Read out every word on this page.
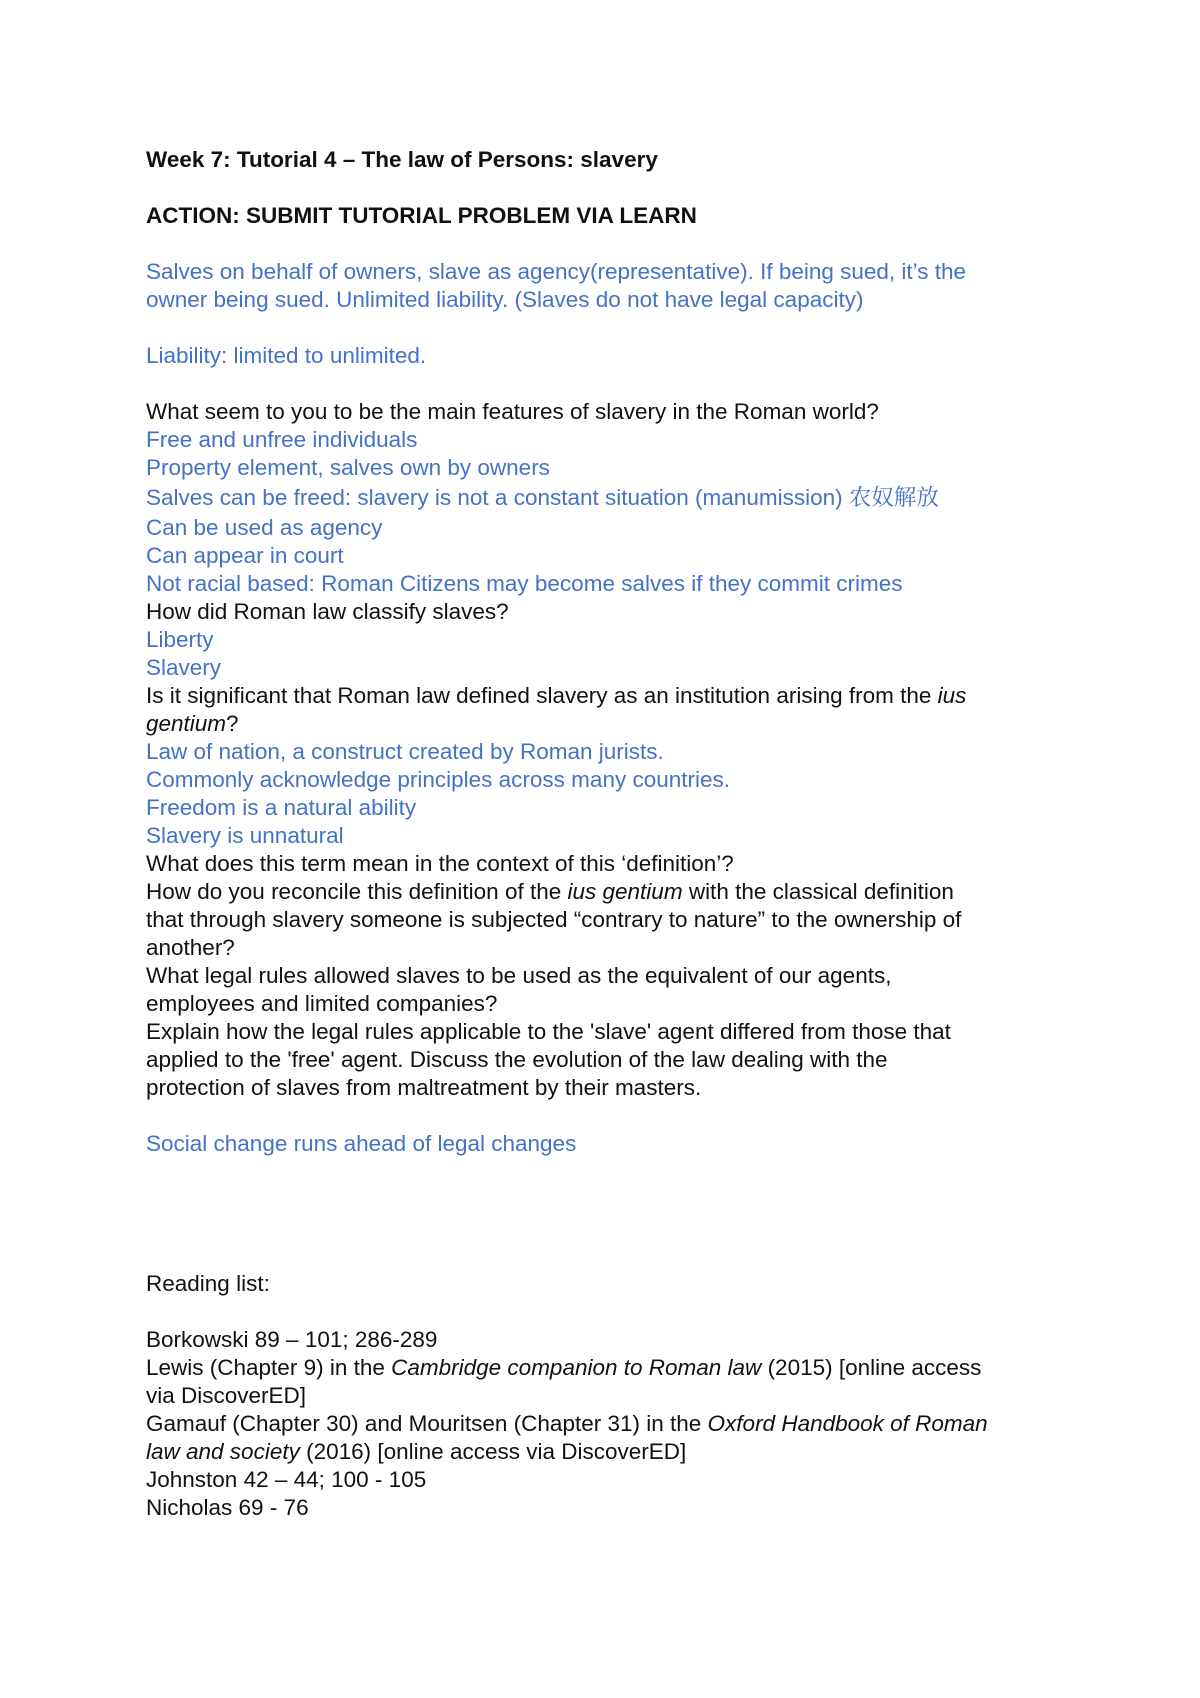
Week 7: Tutorial 4 – The law of Persons: slavery

ACTION: SUBMIT TUTORIAL PROBLEM VIA LEARN

Salves on behalf of owners, slave as agency(representative). If being sued, it’s the

owner being sued. Unlimited liability. (Slaves do not have legal capacity)

Liability: limited to unlimited.

What seem to you to be the main features of slavery in the Roman world?

Free and unfree individuals

Property element, salves own by owners

Salves can be freed: slavery is not a constant situation (manumission) 农奴解放

Can be used as agency

Can appear in court

Not racial based: Roman Citizens may become salves if they commit crimes

How did Roman law classify slaves?

Liberty

Slavery

Is it significant that Roman law defined slavery as an institution arising from the ius

gentium?

Law of nation, a construct created by Roman jurists.

Commonly acknowledge principles across many countries.

Freedom is a natural ability

Slavery is unnatural

What does this term mean in the context of this ‘definition’?

How do you reconcile this definition of the ius gentium with the classical definition

that through slavery someone is subjected “contrary to nature” to the ownership of

another?

What legal rules allowed slaves to be used as the equivalent of our agents,

employees and limited companies?

Explain how the legal rules applicable to the 'slave' agent differed from those that

applied to the 'free' agent. Discuss the evolution of the law dealing with the

protection of slaves from maltreatment by their masters.

Social change runs ahead of legal changes

Reading list:

Borkowski 89 – 101; 286-289

Lewis (Chapter 9) in the Cambridge companion to Roman law (2015) [online access

via DiscoverED]

Gamauf (Chapter 30) and Mouritsen (Chapter 31) in the Oxford Handbook of Roman

law and society (2016) [online access via DiscoverED]

Johnston 42 – 44; 100 - 105

Nicholas 69 - 76
